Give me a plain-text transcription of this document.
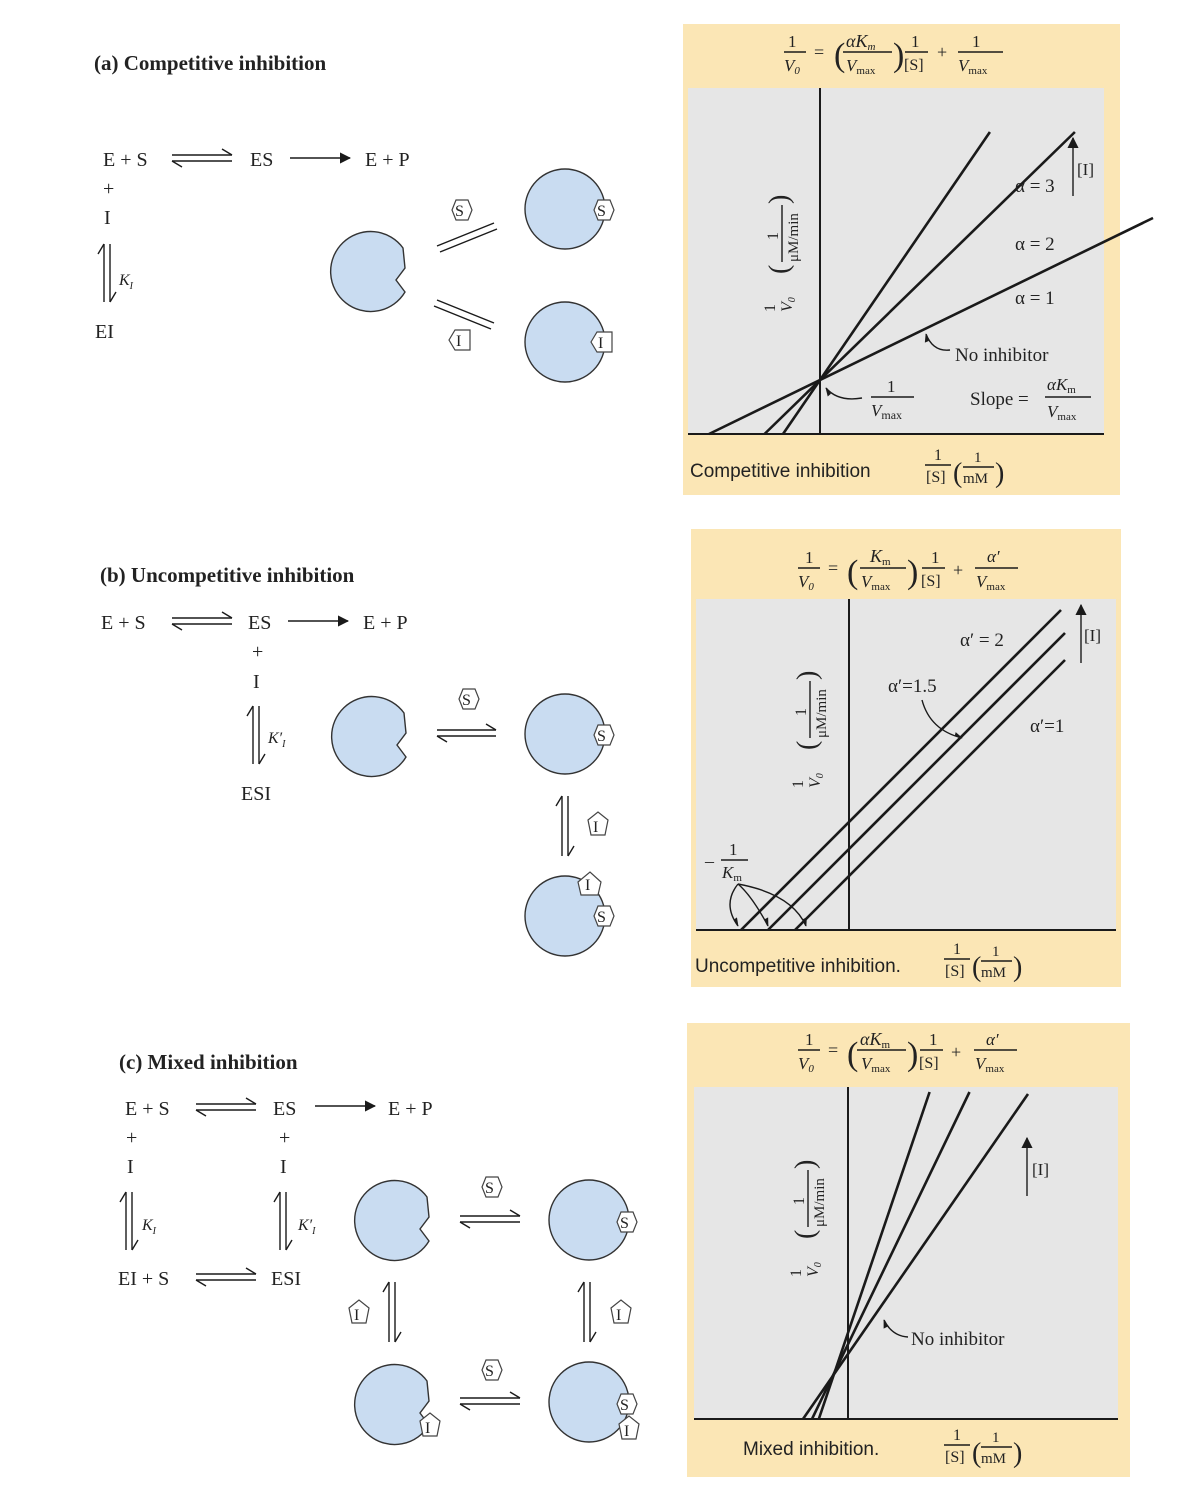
(a) Competitive inhibition
E + S	ES	E + P
+
I
$K_I$
EI
S
I
S
I
1
V0
= ( αKm
Vmax ) 1
[S]
+
1
Vmax
1 V0
(
1 μM/min
)
1
[S] ( 1
mM )
Competitive inhibition
α = 3
α = 2
α = 1
No inhibitor
1
Vmax
Slope =
αKm
Vmax
[I]
(b) Uncompetitive inhibition
E + S	ES	E + P
+
I
$K'_I$
ESI
S
S
I
I
S
1
V0
= ( Km
Vmax ) 1
[S]
+
α′
Vmax
1 V0
(
1 μM/min
)
1
[S] ( 1
mM )
Uncompetitive inhibition.
α′ = 2
α′=1.5
α′=1
[I]
–
1
Km
(c) Mixed inhibition
E + S	ES	E + P
+	+
I	I
$K_I$	$K'_I$
EI + S	ESI
S
S
I	I
I
S
S
I
1
V0
= ( αKm
Vmax ) 1
[S]
+
α′
Vmax
1 V0
(
1 μM/min
)
1
[S] ( 1
mM )
Mixed inhibition.
No inhibitor
[I]
